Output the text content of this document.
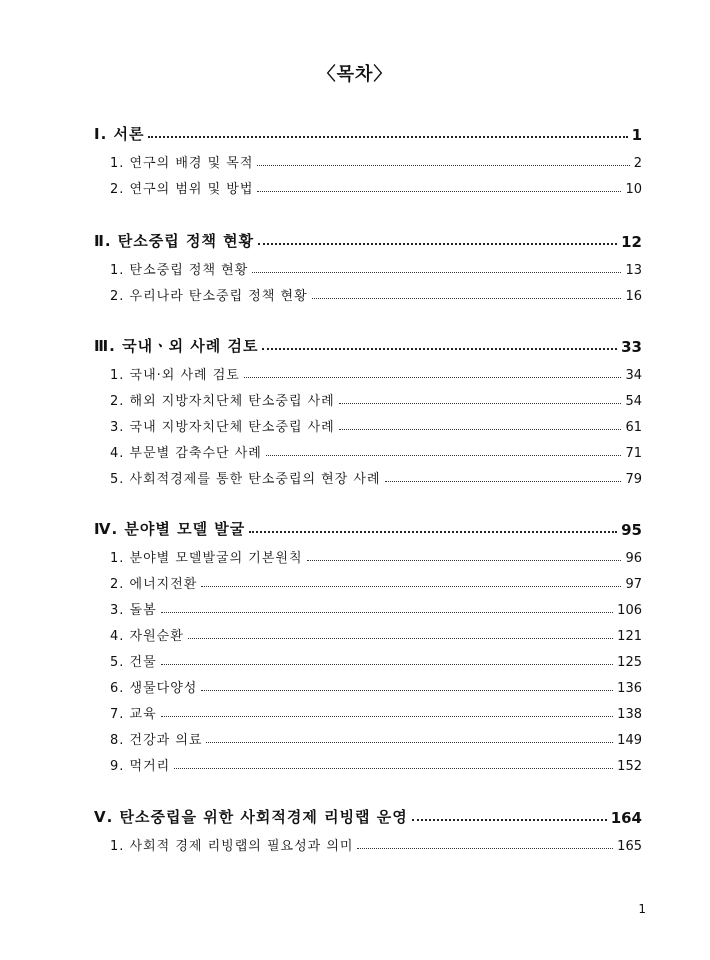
〈목차〉
Ⅰ. 서론	1
1. 연구의 배경 및 목적	2
2. 연구의 범위 및 방법	10
Ⅱ. 탄소중립 정책 현황	12
1. 탄소중립 정책 현황	13
2. 우리나라 탄소중립 정책 현황	16
Ⅲ. 국내ㆍ외 사례 검토	33
1. 국내·외 사례 검토	34
2. 해외 지방자치단체 탄소중립 사례	54
3. 국내 지방자치단체 탄소중립 사례	61
4. 부문별 감축수단 사례	71
5. 사회적경제를 통한 탄소중립의 현장 사례	79
Ⅳ. 분야별 모델 발굴	95
1. 분야별 모델발굴의 기본원칙	96
2. 에너지전환	97
3. 돌봄	106
4. 자원순환	121
5. 건물	125
6. 생물다양성	136
7. 교육	138
8. 건강과 의료	149
9. 먹거리	152
Ⅴ. 탄소중립을 위한 사회적경제 리빙랩 운영	164
1. 사회적 경제 리빙랩의 필요성과 의미	165
1
